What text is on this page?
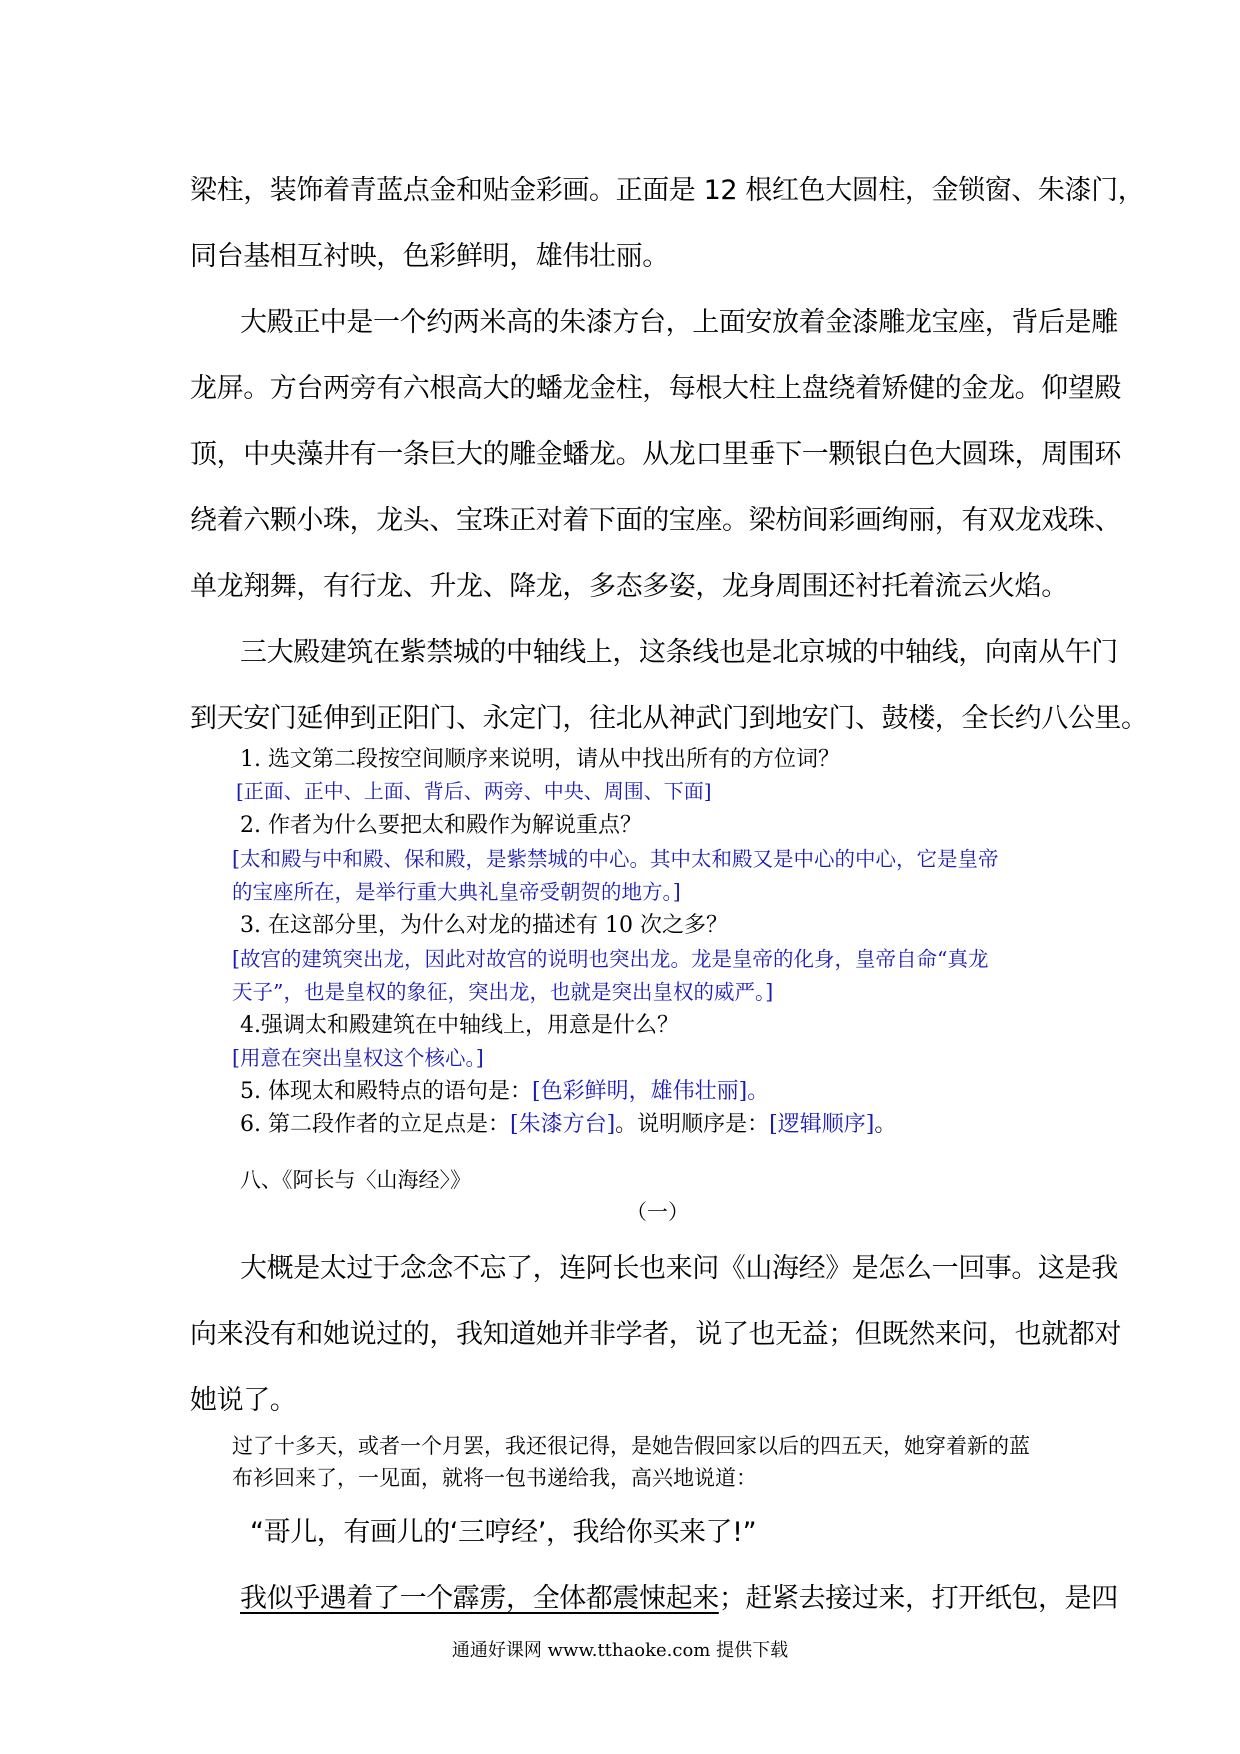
梁柱，装饰着青蓝点金和贴金彩画。正面是 12 根红色大圆柱，金锁窗、朱漆门，
同台基相互衬映，色彩鲜明，雄伟壮丽。
大殿正中是一个约两米高的朱漆方台，上面安放着金漆雕龙宝座，背后是雕
龙屏。方台两旁有六根高大的蟠龙金柱，每根大柱上盘绕着矫健的金龙。仰望殿
顶，中央藻井有一条巨大的雕金蟠龙。从龙口里垂下一颗银白色大圆珠，周围环
绕着六颗小珠，龙头、宝珠正对着下面的宝座。梁枋间彩画绚丽，有双龙戏珠、
单龙翔舞，有行龙、升龙、降龙，多态多姿，龙身周围还衬托着流云火焰。
三大殿建筑在紫禁城的中轴线上，这条线也是北京城的中轴线，向南从午门
到天安门延伸到正阳门、永定门，往北从神武门到地安门、鼓楼，全长约八公里。
1. 选文第二段按空间顺序来说明，请从中找出所有的方位词？
[正面、正中、上面、背后、两旁、中央、周围、下面]
2. 作者为什么要把太和殿作为解说重点？
[太和殿与中和殿、保和殿，是紫禁城的中心。其中太和殿又是中心的中心，它是皇帝
的宝座所在，是举行重大典礼皇帝受朝贺的地方。]
3. 在这部分里，为什么对龙的描述有 10 次之多？
[故宫的建筑突出龙，因此对故宫的说明也突出龙。龙是皇帝的化身，皇帝自命“真龙
天子”，也是皇权的象征，突出龙，也就是突出皇权的威严。]
4.强调太和殿建筑在中轴线上，用意是什么？
[用意在突出皇权这个核心。]
5. 体现太和殿特点的语句是：[色彩鲜明，雄伟壮丽]。
6. 第二段作者的立足点是：[朱漆方台]。说明顺序是：[逻辑顺序]。
八、《阿长与〈山海经〉》
（一）
大概是太过于念念不忘了，连阿长也来问《山海经》是怎么一回事。这是我
向来没有和她说过的，我知道她并非学者，说了也无益；但既然来问，也就都对
她说了。
过了十多天，或者一个月罢，我还很记得，是她告假回家以后的四五天，她穿着新的蓝
布衫回来了，一见面，就将一包书递给我，高兴地说道：
“哥儿，有画儿的‘三哼经’，我给你买来了!”
我似乎遇着了一个霹雳，全体都震悚起来；赶紧去接过来，打开纸包，是四
通通好课网 www.tthaoke.com 提供下载
